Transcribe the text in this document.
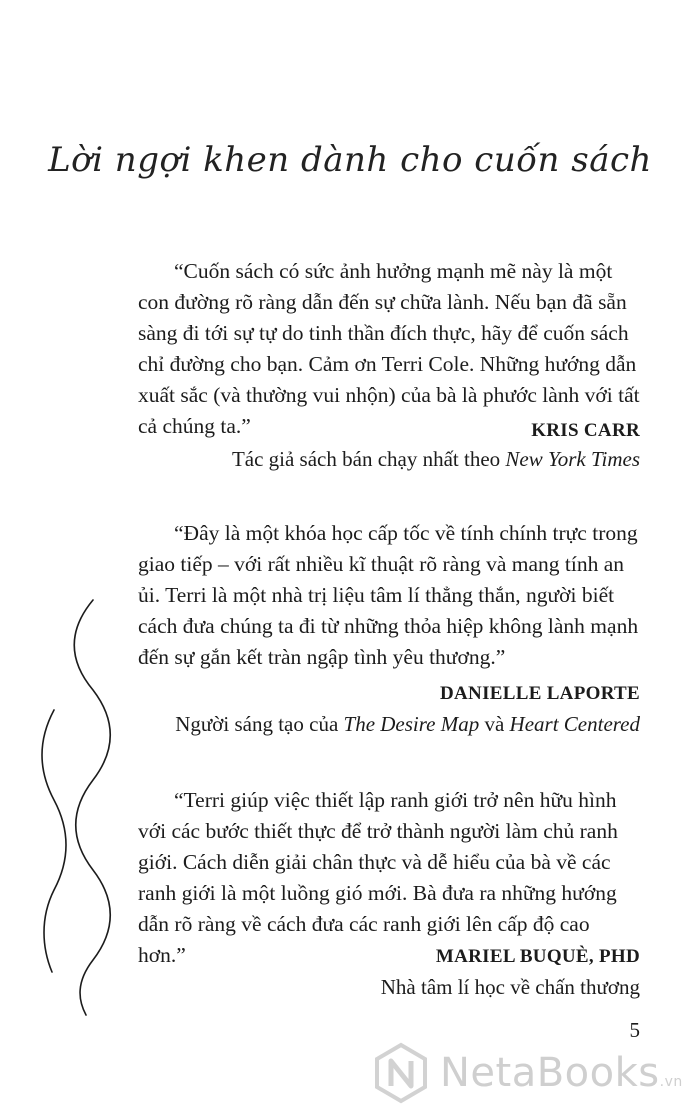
Lời ngợi khen dành cho cuốn sách

“Cuốn sách có sức ảnh hưởng mạnh mẽ này là một con đường rõ ràng dẫn đến sự chữa lành. Nếu bạn đã sẵn sàng đi tới sự tự do tinh thần đích thực, hãy để cuốn sách chỉ đường cho bạn. Cảm ơn Terri Cole. Những hướng dẫn xuất sắc (và thường vui nhộn) của bà là phước lành với tất cả chúng ta.”	KRIS CARR
Tác giả sách bán chạy nhất theo New York Times

“Đây là một khóa học cấp tốc về tính chính trực trong giao tiếp – với rất nhiều kĩ thuật rõ ràng và mang tính an ủi. Terri là một nhà trị liệu tâm lí thẳng thắn, người biết cách đưa chúng ta đi từ những thỏa hiệp không lành mạnh đến sự gắn kết tràn ngập tình yêu thương.”

DANIELLE LAPORTE
Người sáng tạo của The Desire Map và Heart Centered

“Terri giúp việc thiết lập ranh giới trở nên hữu hình với các bước thiết thực để trở thành người làm chủ ranh giới. Cách diễn giải chân thực và dễ hiểu của bà về các ranh giới là một luồng gió mới. Bà đưa ra những hướng dẫn rõ ràng về cách đưa các ranh giới lên cấp độ cao hơn.”	MARIEL BUQUÈ, PHD
Nhà tâm lí học về chấn thương
5
NetaBooks.vn
